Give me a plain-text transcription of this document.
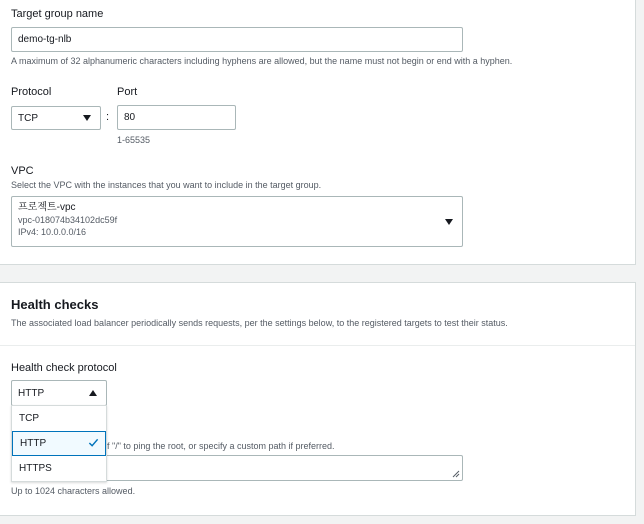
Target group name
demo-tg-nlb
A maximum of 32 alphanumeric characters including hyphens are allowed, but the name must not begin or end with a hyphen.
Protocol
TCP	:
Port
80
1-65535
VPC
Select the VPC with the instances that you want to include in the target group.
프로젝트-vpc
vpc-018074b34102dc59f
IPv4: 10.0.0.0/16
Health checks
The associated load balancer periodically sends requests, per the settings below, to the registered targets to test their status.
Health check protocol
HTTP
f "/" to ping the root, or specify a custom path if preferred.
Up to 1024 characters allowed.
TCP
HTTP
HTTPS
